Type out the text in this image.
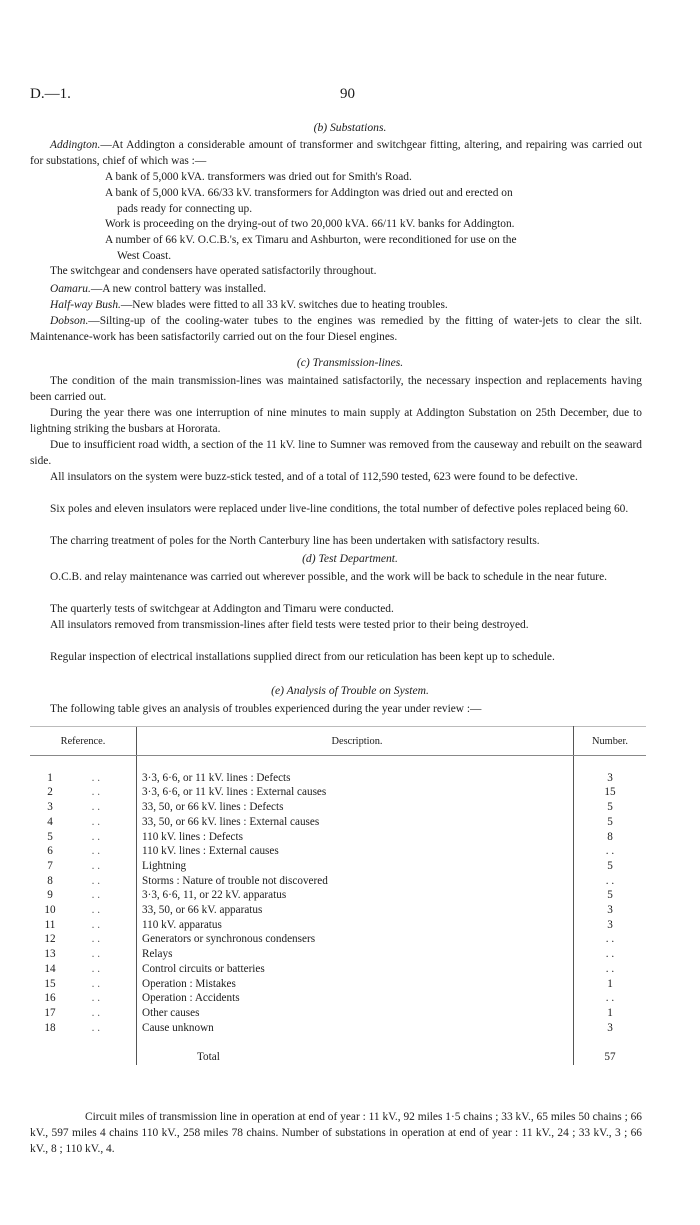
D.—1.	90
(b) Substations.
Addington.—At Addington a considerable amount of transformer and switchgear fitting, altering, and repairing was carried out for substations, chief of which was :—
A bank of 5,000 kVA. transformers was dried out for Smith's Road.
A bank of 5,000 kVA. 66/33 kV. transformers for Addington was dried out and erected on
pads ready for connecting up.
Work is proceeding on the drying-out of two 20,000 kVA. 66/11 kV. banks for Addington.
A number of 66 kV. O.C.B.'s, ex Timaru and Ashburton, were reconditioned for use on the
West Coast.
The switchgear and condensers have operated satisfactorily throughout.
Oamaru.—A new control battery was installed.
Half-way Bush.—New blades were fitted to all 33 kV. switches due to heating troubles.
Dobson.—Silting-up of the cooling-water tubes to the engines was remedied by the fitting of water-jets to clear the silt. Maintenance-work has been satisfactorily carried out on the four Diesel engines.
(c) Transmission-lines.
The condition of the main transmission-lines was maintained satisfactorily, the necessary inspection and replacements having been carried out.
During the year there was one interruption of nine minutes to main supply at Addington Substation on 25th December, due to lightning striking the busbars at Hororata.
Due to insufficient road width, a section of the 11 kV. line to Sumner was removed from the causeway and rebuilt on the seaward side.
All insulators on the system were buzz-stick tested, and of a total of 112,590 tested, 623 were found to be defective.
Six poles and eleven insulators were replaced under live-line conditions, the total number of defective poles replaced being 60.
The charring treatment of poles for the North Canterbury line has been undertaken with satisfactory results.
(d) Test Department.
O.C.B. and relay maintenance was carried out wherever possible, and the work will be back to schedule in the near future.
The quarterly tests of switchgear at Addington and Timaru were conducted.
All insulators removed from transmission-lines after field tests were tested prior to their being destroyed.
Regular inspection of electrical installations supplied direct from our reticulation has been kept up to schedule.
(e) Analysis of Trouble on System.
The following table gives an analysis of troubles experienced during the year under review :—
Reference.	Description.	Number.

1 . .	3·3, 6·6, or 11 kV. lines : Defects	3
2 . .	3·3, 6·6, or 11 kV. lines : External causes	15
3 . .	33, 50, or 66 kV. lines : Defects	5
4 . .	33, 50, or 66 kV. lines : External causes	5
5 . .	110 kV. lines : Defects	8
6 . .	110 kV. lines : External causes	. .
7 . .	Lightning	5
8 . .	Storms : Nature of trouble not discovered	. .
9 . .	3·3, 6·6, 11, or 22 kV. apparatus	5
10 . .	33, 50, or 66 kV. apparatus	3
11 . .	110 kV. apparatus	3
12 . .	Generators or synchronous condensers	. .
13 . .	Relays	. .
14 . .	Control circuits or batteries	. .
15 . .	Operation : Mistakes	1
16 . .	Operation : Accidents	. .
17 . .	Other causes	1
18 . .	Cause unknown	3

	Total	57
Circuit miles of transmission line in operation at end of year : 11 kV., 92 miles 1·5 chains ; 33 kV., 65 miles 50 chains ; 66 kV., 597 miles 4 chains 110 kV., 258 miles 78 chains. Number of substations in operation at end of year : 11 kV., 24 ; 33 kV., 3 ; 66 kV., 8 ; 110 kV., 4.
